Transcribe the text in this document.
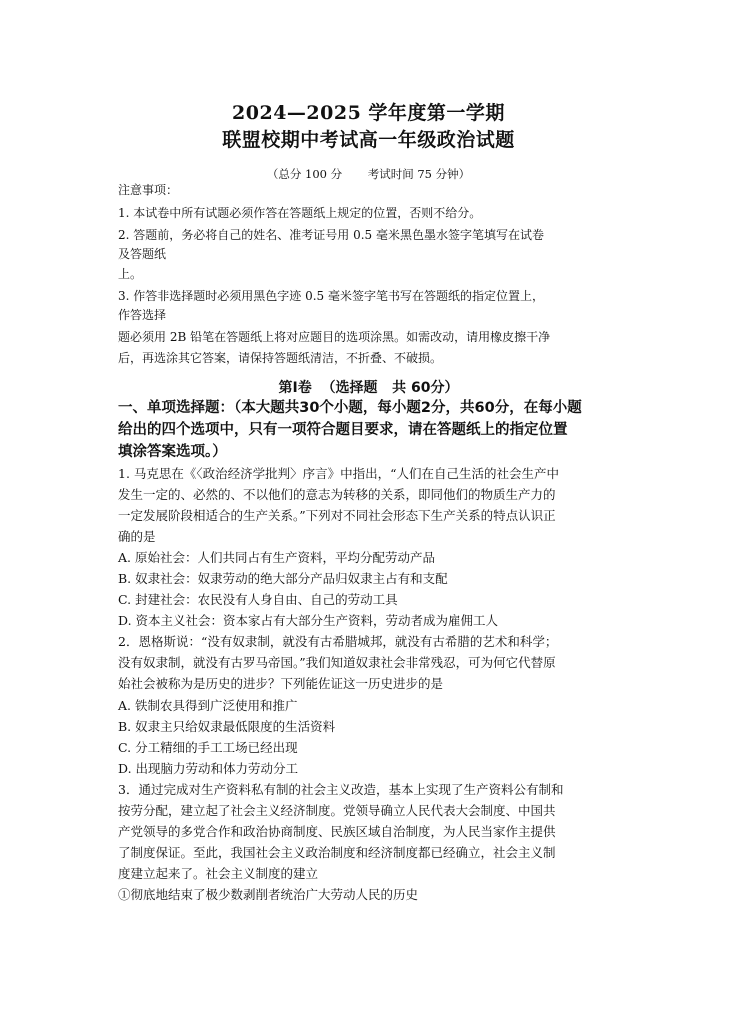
2024—2025 学年度第一学期
联盟校期中考试高一年级政治试题
（总分 100 分       考试时间 75 分钟）
注意事项：
1. 本试卷中所有试题必须作答在答题纸上规定的位置，否则不给分。
2. 答题前，务必将自己的姓名、准考证号用 0.5 毫米黑色墨水签字笔填写在试卷
及答题纸
上。
3. 作答非选择题时必须用黑色字迹 0.5 毫米签字笔书写在答题纸的指定位置上，
作答选择
题必须用 2B 铅笔在答题纸上将对应题目的选项涂黑。如需改动，请用橡皮擦干净
后，再选涂其它答案，请保持答题纸清洁，不折叠、不破损。
第Ⅰ卷  （选择题   共 60分）
一、单项选择题：（本大题共30个小题，每小题2分，共60分，在每小题
给出的四个选项中，只有一项符合题目要求，请在答题纸上的指定位置
填涂答案选项。）
1. 马克思在《〈政治经济学批判〉序言》中指出，“人们在自己生活的社会生产中
发生一定的、必然的、不以他们的意志为转移的关系，即同他们的物质生产力的
一定发展阶段相适合的生产关系。”下列对不同社会形态下生产关系的特点认识正
确的是
A. 原始社会：人们共同占有生产资料，平均分配劳动产品
B. 奴隶社会：奴隶劳动的绝大部分产品归奴隶主占有和支配
C. 封建社会：农民没有人身自由、自己的劳动工具
D. 资本主义社会：资本家占有大部分生产资料，劳动者成为雇佣工人
2．恩格斯说：“没有奴隶制，就没有古希腊城邦，就没有古希腊的艺术和科学；
没有奴隶制，就没有古罗马帝国。”我们知道奴隶社会非常残忍，可为何它代替原
始社会被称为是历史的进步？下列能佐证这一历史进步的是
A. 铁制农具得到广泛使用和推广
B. 奴隶主只给奴隶最低限度的生活资料
C. 分工精细的手工工场已经出现
D. 出现脑力劳动和体力劳动分工
3．通过完成对生产资料私有制的社会主义改造，基本上实现了生产资料公有制和
按劳分配，建立起了社会主义经济制度。党领导确立人民代表大会制度、中国共
产党领导的多党合作和政治协商制度、民族区域自治制度，为人民当家作主提供
了制度保证。至此，我国社会主义政治制度和经济制度都已经确立，社会主义制
度建立起来了。社会主义制度的建立
①彻底地结束了极少数剥削者统治广大劳动人民的历史
